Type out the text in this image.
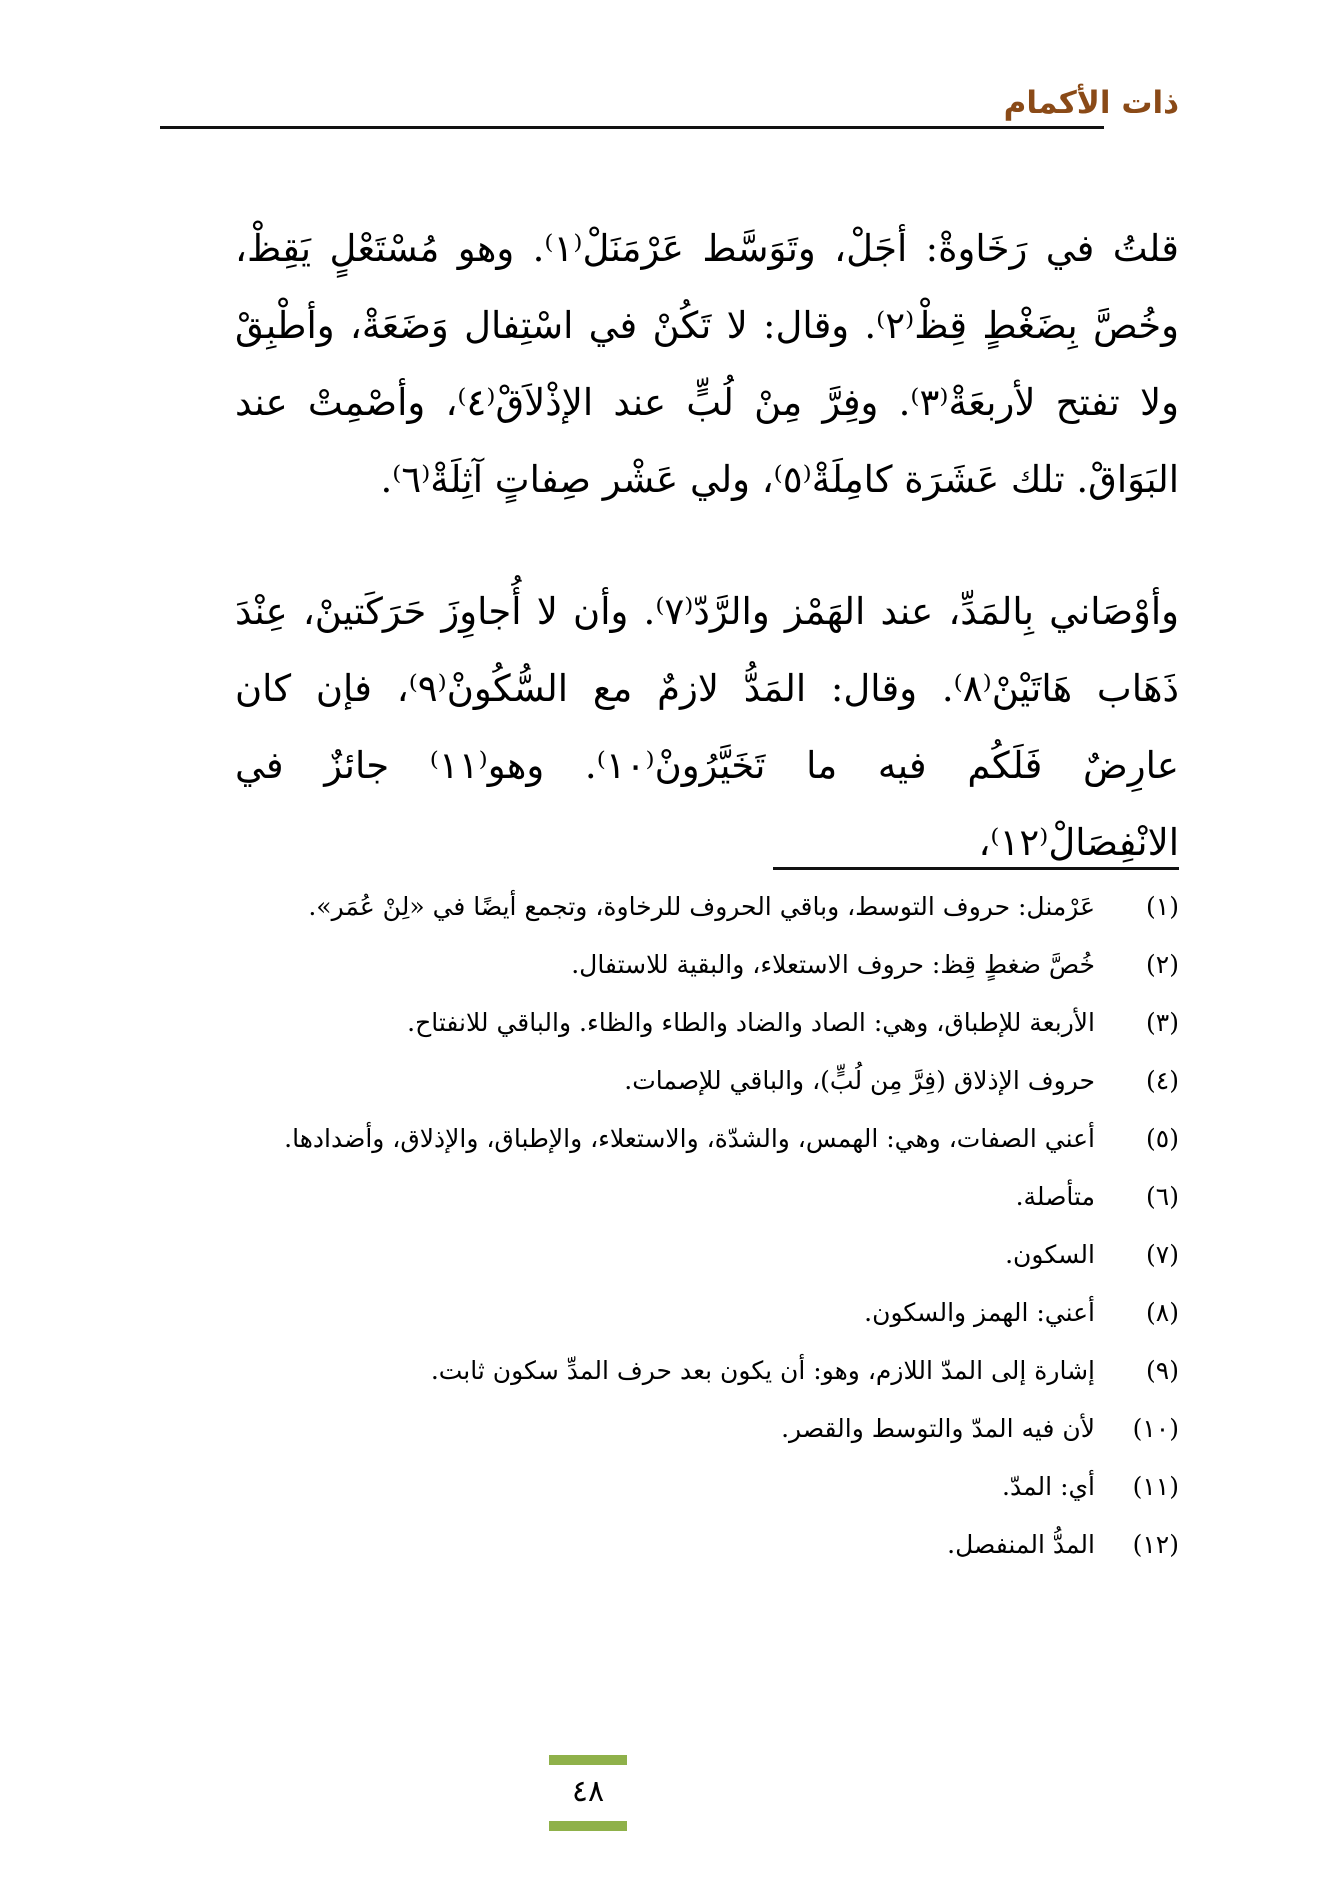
ذات الأكمام

قلتُ في رَخَاوةْ: أجَلْ، وتَوَسَّط عَرْمَنَلْ⁽١⁾. وهو مُسْتَعْلٍ يَقِظْ، وخُصَّ بِضَغْطٍ قِظْ⁽٢⁾. وقال: لا تَكُنْ في اسْتِفال وَضَعَةْ، وأطْبِقْ ولا تفتح لأربعَةْ⁽٣⁾. وفِرَّ مِنْ لُبٍّ عند الإذْلاَقْ⁽٤⁾، وأصْمِتْ عند البَوَاقْ. تلك عَشَرَة كامِلَةْ⁽٥⁾، ولي عَشْر صِفاتٍ آثِلَةْ⁽٦⁾.

وأوْصَاني بِالمَدِّ، عند الهَمْز والرَّدّ⁽٧⁾. وأن لا أُجاوِزَ حَرَكَتينْ، عِنْدَ ذَهَاب هَاتَيْنْ⁽٨⁾. وقال: المَدُّ لازمٌ مع السُّكُونْ⁽٩⁾، فإن كان عارِضٌ فَلَكُم فيه ما تَخَيَّرُونْ⁽١٠⁾. وهو⁽١١⁾ جائزٌ في الانْفِصَالْ⁽١٢⁾،

(١)
عَرْمنل: حروف التوسط، وباقي الحروف للرخاوة، وتجمع أيضًا في «لِنْ عُمَر».
(٢)
خُصَّ ضغطٍ قِظ: حروف الاستعلاء، والبقية للاستفال.
(٣)
الأربعة للإطباق، وهي: الصاد والضاد والطاء والظاء. والباقي للانفتاح.
(٤)
حروف الإذلاق (فِرَّ مِن لُبٍّ)، والباقي للإصمات.
(٥)
أعني الصفات، وهي: الهمس، والشدّة، والاستعلاء، والإطباق، والإذلاق، وأضدادها.
(٦)
متأصلة.
(٧)
السكون.
(٨)
أعني: الهمز والسكون.
(٩)
إشارة إلى المدّ اللازم، وهو: أن يكون بعد حرف المدِّ سكون ثابت.
(١٠)
لأن فيه المدّ والتوسط والقصر.
(١١)
أي: المدّ.
(١٢)
المدُّ المنفصل.
٤٨
